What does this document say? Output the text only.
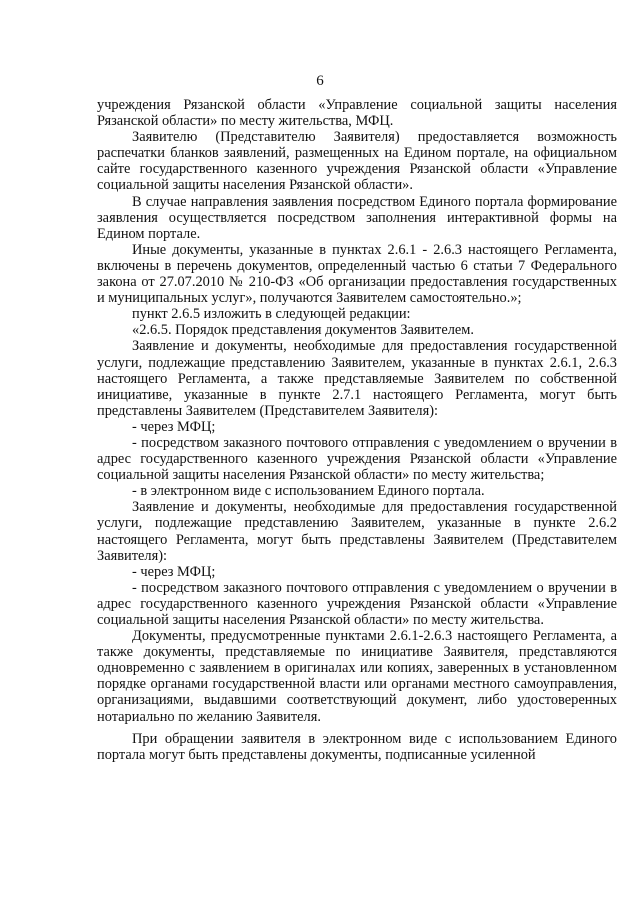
6

учреждения Рязанской области «Управление социальной защиты населения Рязанской области» по месту жительства, МФЦ.

Заявителю (Представителю Заявителя) предоставляется возможность распечатки бланков заявлений, размещенных на Едином портале, на официальном сайте государственного казенного учреждения Рязанской области «Управление социальной защиты населения Рязанской области».

В случае направления заявления посредством Единого портала формирование заявления осуществляется посредством заполнения интерактивной формы на Едином портале.

Иные документы, указанные в пунктах 2.6.1 - 2.6.3 настоящего Регламента, включены в перечень документов, определенный частью 6 статьи 7 Федерального закона от 27.07.2010 № 210-ФЗ «Об организации предоставления государственных и муниципальных услуг», получаются Заявителем самостоятельно.»;

пункт 2.6.5 изложить в следующей редакции:

«2.6.5. Порядок представления документов Заявителем.

Заявление и документы, необходимые для предоставления государственной услуги, подлежащие представлению Заявителем, указанные в пунктах 2.6.1, 2.6.3 настоящего Регламента, а также представляемые Заявителем по собственной инициативе, указанные в пункте 2.7.1 настоящего Регламента, могут быть представлены Заявителем (Представителем Заявителя):

- через МФЦ;

- посредством заказного почтового отправления с уведомлением о вручении в адрес государственного казенного учреждения Рязанской области «Управление социальной защиты населения Рязанской области» по месту жительства;

- в электронном виде с использованием Единого портала.

Заявление и документы, необходимые для предоставления государственной услуги, подлежащие представлению Заявителем, указанные в пункте 2.6.2 настоящего Регламента, могут быть представлены Заявителем (Представителем Заявителя):

- через МФЦ;

- посредством заказного почтового отправления с уведомлением о вручении в адрес государственного казенного учреждения Рязанской области «Управление социальной защиты населения Рязанской области» по месту жительства.

Документы, предусмотренные пунктами 2.6.1-2.6.3 настоящего Регламента, а также документы, представляемые по инициативе Заявителя, представляются одновременно с заявлением в оригиналах или копиях, заверенных в установленном порядке органами государственной власти или органами местного самоуправления, организациями, выдавшими соответствующий документ, либо удостоверенных нотариально по желанию Заявителя.

При обращении заявителя в электронном виде с использованием Единого портала могут быть представлены документы, подписанные усиленной
